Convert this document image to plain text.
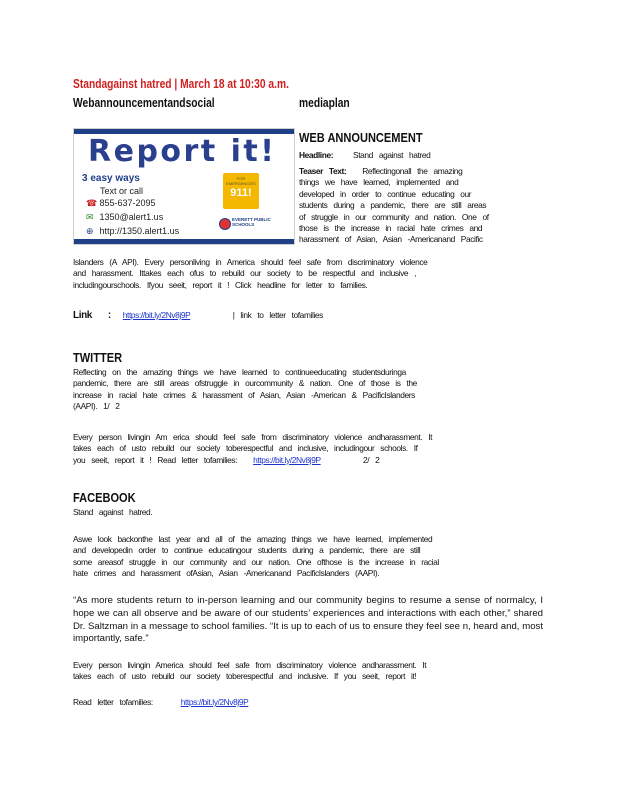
Standagainst hatred | March 18 at 10:30 a.m.
Webannouncementandsocial	mediaplan
Report it!
3 easy ways
Text or call
☎ 855-637-2095
✉ 1350@alert1.us
⊕ http://1350.alert1.us
FOR EMERGENCIES
911!
EVERETT PUBLIC SCHOOLS
WEB ANNOUNCEMENT
Headline: Stand against hatred
Teaser Text: Reflectingonall the amazing
things we have learned, implemented and
developed in order to continue educating our
students during a pandemic, there are still areas
of struggle in our community and nation. One of
those is the increase in racial hate crimes and
harassment of Asian, Asian -Americanand Pacific
Islanders (A API). Every personliving in America should feel safe from discriminatory violence
and harassment. Ittakes each ofus to rebuild our society to be respectful and inclusive ,
includingourschools. Ifyou seeit, report it ! Click headline for letter to families.
Link : https://bit.ly/2Nv8j9P	| link to letter tofamilies
TWITTER
Reflecting on the amazing things we have learned to continueeducating studentsduringa
pandemic, there are still areas ofstruggle in ourcommunity & nation. One of those is the
increase in racial hate crimes & harassment of Asian, Asian -American & PacificIslanders
(AAPI). 1/ 2
Every person livingin Am erica should feel safe from discriminatory violence andharassment. It
takes each of usto rebuild our society toberespectful and inclusive, includingour schools. If
you seeit, report it ! Read letter tofamilies: https://bit.ly/2Nv8j9P	2/ 2
FACEBOOK
Stand against hatred.
Aswe look backonthe last year and all of the amazing things we have learned, implemented
and developedin order to continue educatingour students during a pandemic, there are still
some areasof struggle in our community and our nation. One ofthose is the increase in racial
hate crimes and harassment ofAsian, Asian -Americanand PacificIslanders (AAPI).
“As more students return to in-person learning and our community begins to resume a sense of normalcy, I hope we can all observe and be aware of our students’ experiences and interactions with each other,” shared Dr. Saltzman in a message to school families. “It is up to each of us to ensure they feel see n, heard and, most importantly, safe.”
Every person livingin America should feel safe from discriminatory violence andharassment. It
takes each of usto rebuild our society toberespectful and inclusive. If you seeit, report it!
Read letter tofamilies:	https://bit.ly/2Nv8j9P
